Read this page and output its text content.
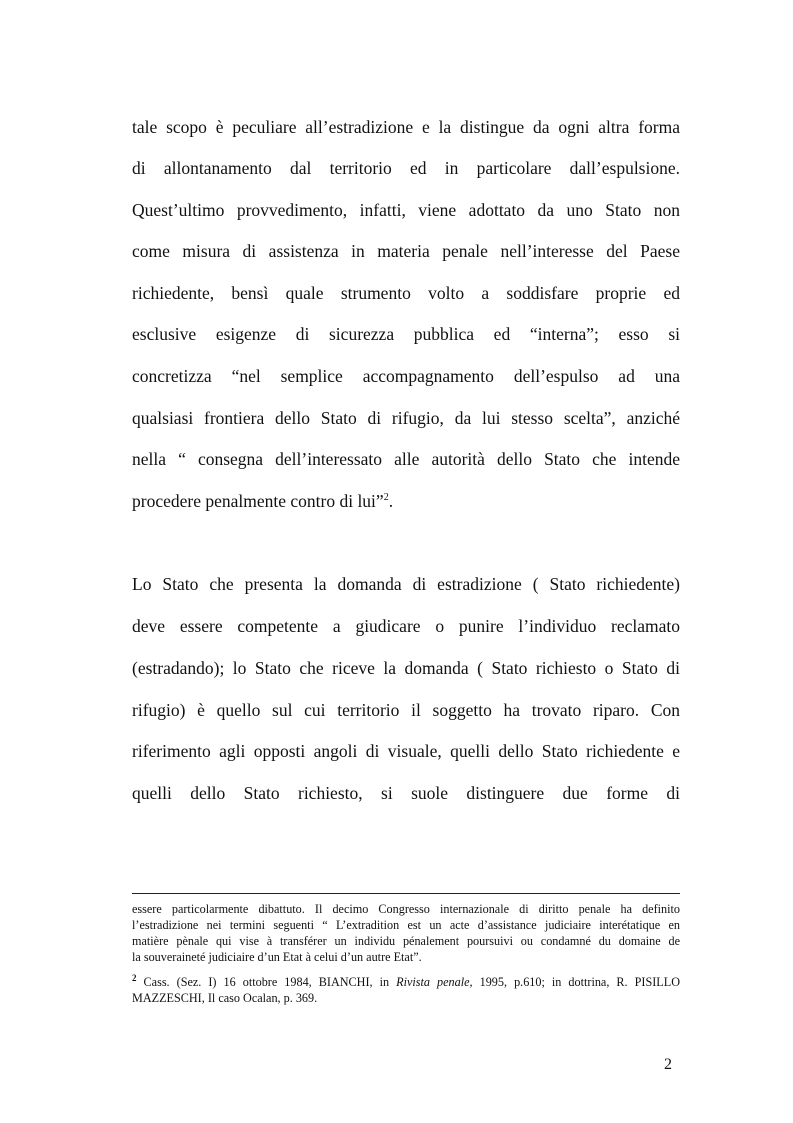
tale scopo è peculiare all’estradizione e la distingue da ogni altra forma
di allontanamento dal territorio ed in particolare dall’espulsione.
Quest’ultimo provvedimento, infatti, viene adottato da uno Stato non
come misura di assistenza in materia penale nell’interesse del Paese
richiedente, bensì quale strumento volto a soddisfare proprie ed
esclusive esigenze di sicurezza pubblica ed “interna”; esso si
concretizza “nel semplice accompagnamento dell’espulso ad una
qualsiasi frontiera dello Stato di rifugio, da lui stesso scelta”, anziché
nella “ consegna dell’interessato alle autorità dello Stato che intende
procedere penalmente contro di lui”$^2$.
Lo Stato che presenta la domanda di estradizione ( Stato richiedente)
deve essere competente a giudicare o punire l’individuo reclamato
(estradando); lo Stato che riceve la domanda ( Stato richiesto o Stato di
rifugio) è quello sul cui territorio il soggetto ha trovato riparo. Con
riferimento agli opposti angoli di visuale, quelli dello Stato richiedente e
quelli dello Stato richiesto, si suole distinguere due forme di
essere particolarmente dibattuto. Il decimo Congresso internazionale di diritto penale ha definito
l’estradizione nei termini seguenti “ L’extradition est un acte d’assistance judiciaire interétatique en
matière pènale qui vise à transférer un individu pénalement poursuivi ou condamné du domaine de
la souveraineté judiciaire d’un Etat à celui d’un autre Etat”.
$^2$ Cass. (Sez. I) 16 ottobre 1984, BIANCHI, in Rivista penale, 1995, p.610; in dottrina, R. PISILLO
MAZZESCHI, Il caso Ocalan, p. 369.
2
